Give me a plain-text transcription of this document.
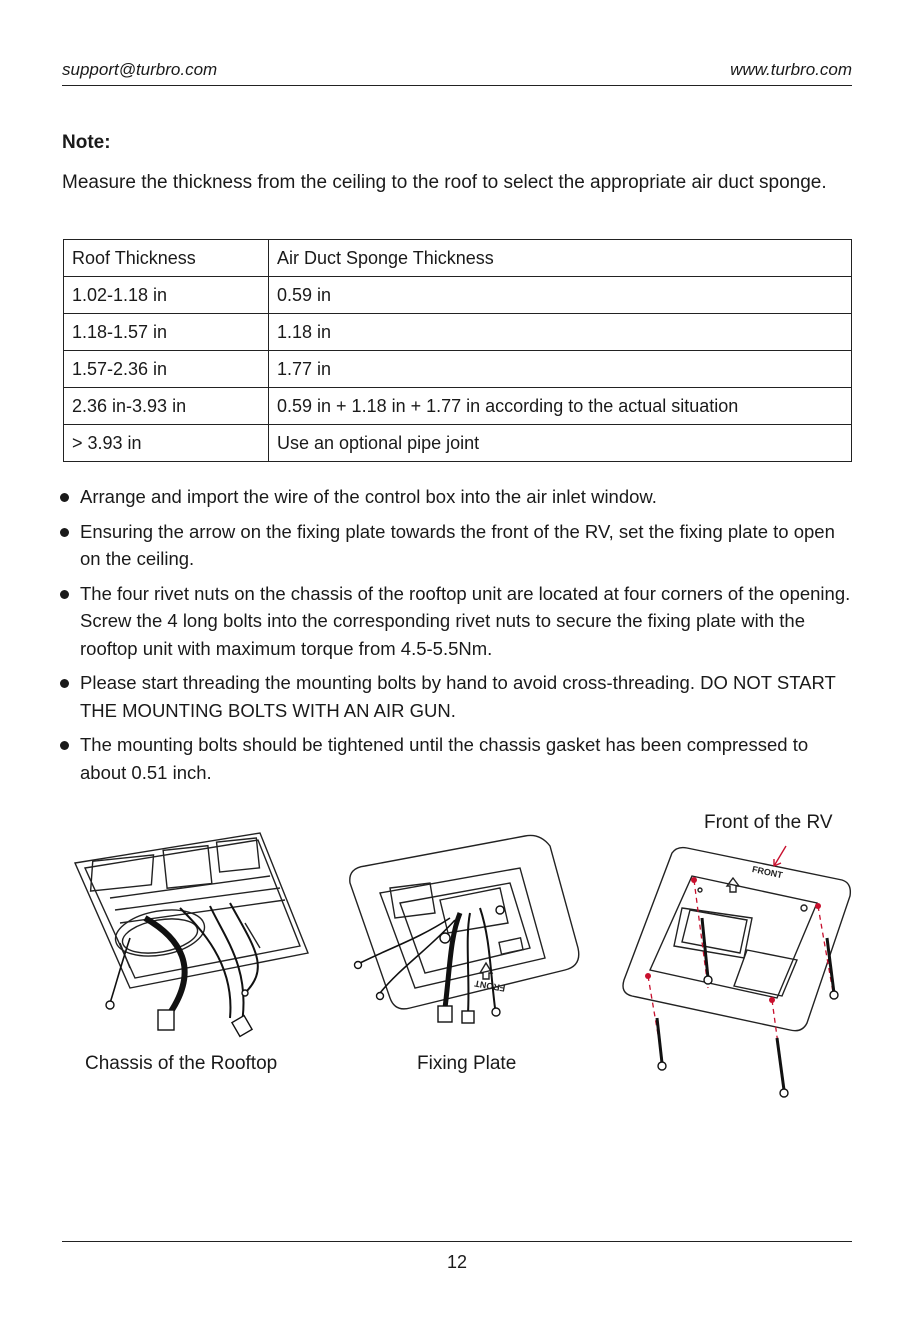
support@turbro.com	www.turbro.com
Note:
Measure the thickness from the ceiling to the roof to select the appropriate air duct sponge.
Roof Thickness	Air Duct Sponge Thickness
1.02-1.18 in	0.59 in
1.18-1.57 in	1.18 in
1.57-2.36 in	1.77 in
2.36 in-3.93 in	0.59 in + 1.18 in + 1.77 in according to the actual situation
> 3.93 in	Use an optional pipe joint
Arrange and import the wire of the control box into the air inlet window.
Ensuring the arrow on the fixing plate towards the front of the RV, set the fixing plate to open on the ceiling.
The four rivet nuts on the chassis of the rooftop unit are located at four corners of the opening. Screw the 4 long bolts into the corresponding rivet nuts to secure the fixing plate with the rooftop unit with maximum torque from 4.5-5.5Nm.
Please start threading the mounting bolts by hand to avoid cross-threading. DO NOT START THE MOUNTING BOLTS WITH AN AIR GUN.
The mounting bolts should be tightened until the chassis gasket has been compressed to about 0.51 inch.
Chassis of the Rooftop
FRONT
Fixing Plate
Front of the RV
FRONT
12
